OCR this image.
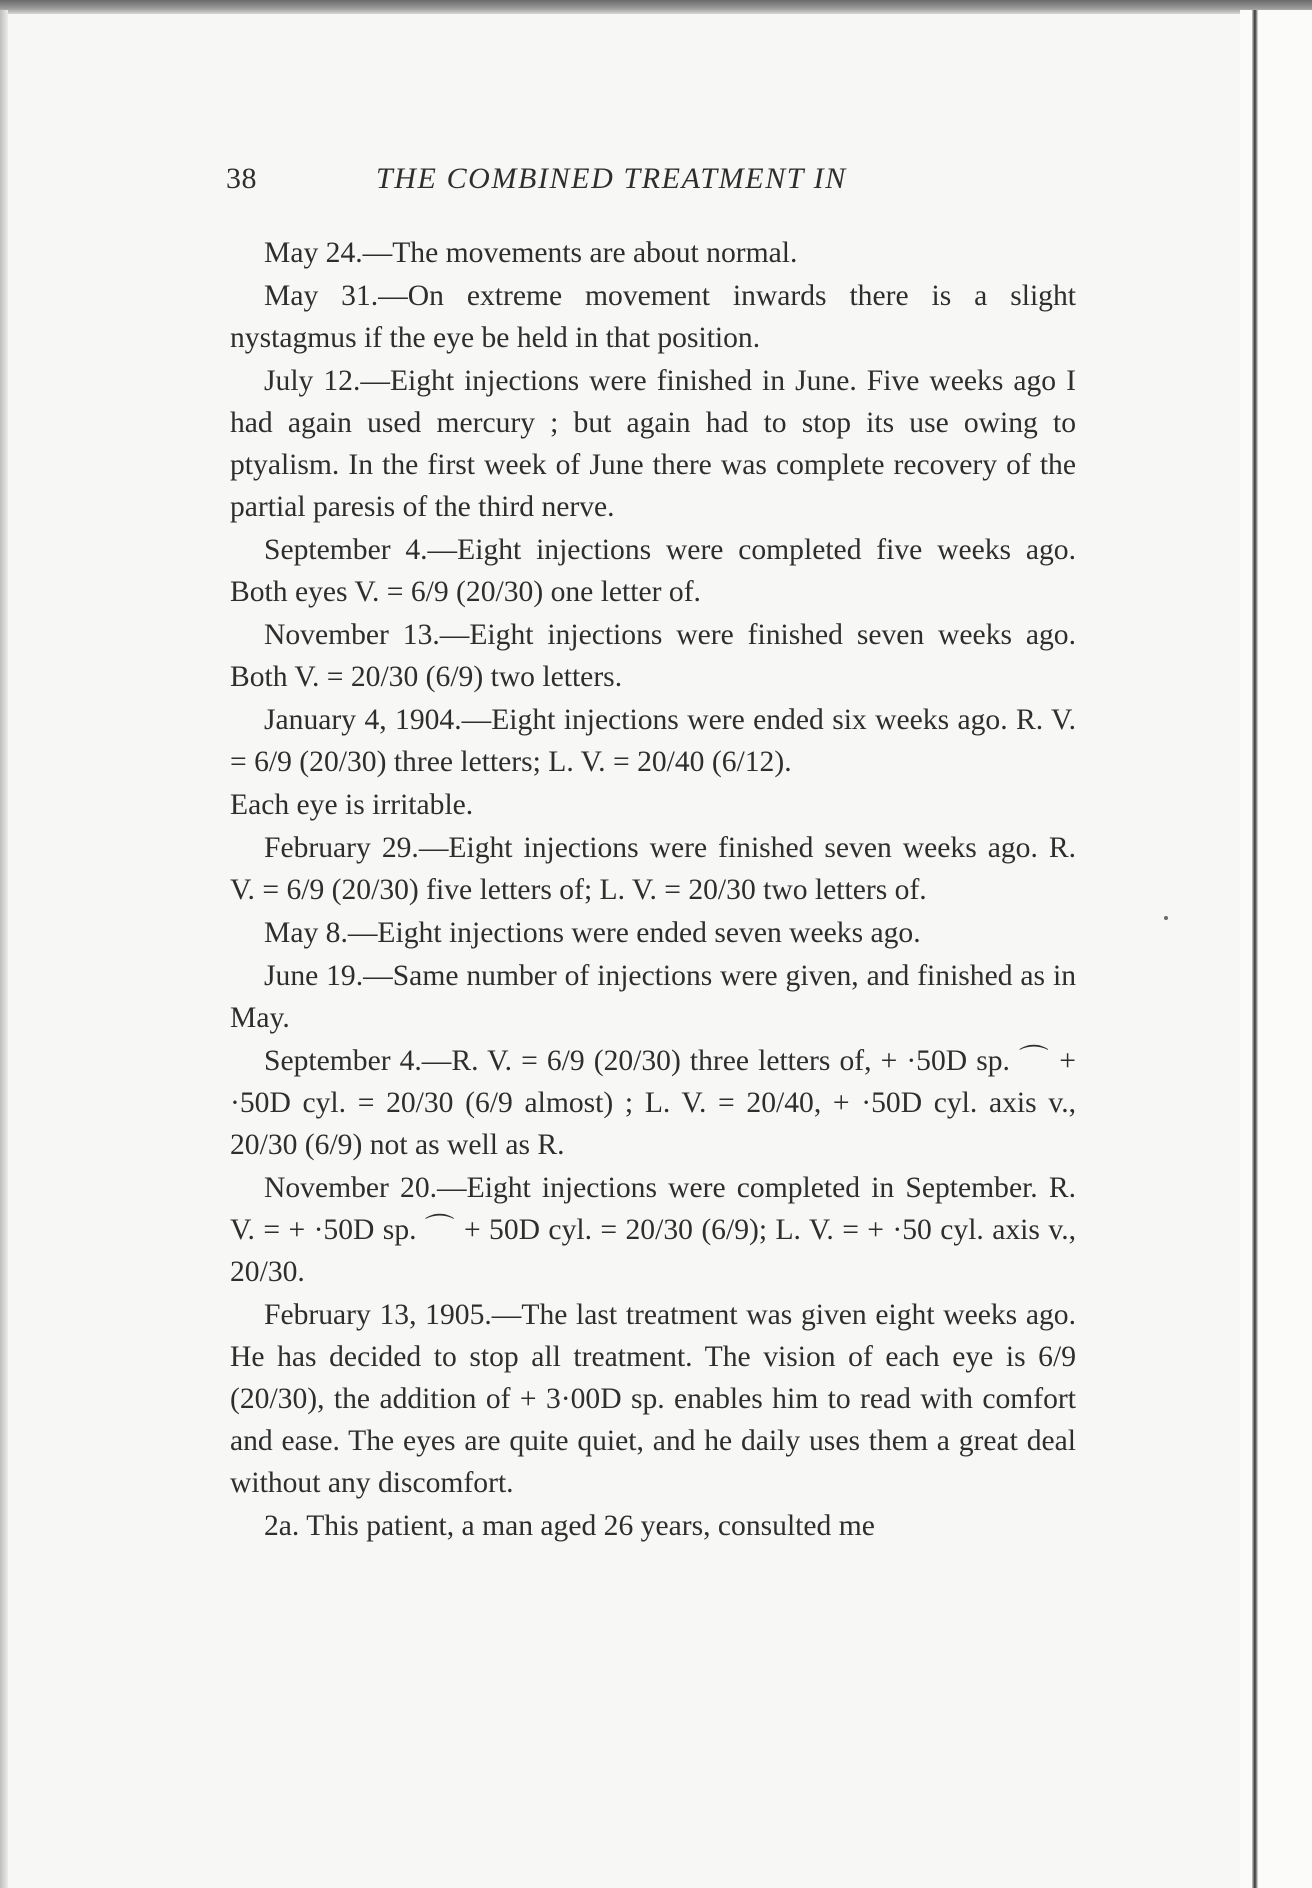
38	THE COMBINED TREATMENT IN

May 24.—The movements are about normal.

May 31.—On extreme movement inwards there is a slight nystagmus if the eye be held in that position.

July 12.—Eight injections were finished in June. Five weeks ago I had again used mercury ; but again had to stop its use owing to ptyalism. In the first week of June there was complete recovery of the partial paresis of the third nerve.

September 4.—Eight injections were completed five weeks ago. Both eyes V. = 6/9 (20/30) one letter of.

November 13.—Eight injections were finished seven weeks ago. Both V. = 20/30 (6/9) two letters.

January 4, 1904.—Eight injections were ended six weeks ago. R. V. = 6/9 (20/30) three letters; L. V. = 20/40 (6/12).

Each eye is irritable.

February 29.—Eight injections were finished seven weeks ago. R. V. = 6/9 (20/30) five letters of; L. V. = 20/30 two letters of.

May 8.—Eight injections were ended seven weeks ago.

June 19.—Same number of injections were given, and finished as in May.

September 4.—R. V. = 6/9 (20/30) three letters of, + ·50D sp. ⌒ + ·50D cyl. = 20/30 (6/9 almost) ; L. V. = 20/40, + ·50D cyl. axis v., 20/30 (6/9) not as well as R.

November 20.—Eight injections were completed in September. R. V. = + ·50D sp. ⌒ + 50D cyl. = 20/30 (6/9); L. V. = + ·50 cyl. axis v., 20/30.

February 13, 1905.—The last treatment was given eight weeks ago. He has decided to stop all treatment. The vision of each eye is 6/9 (20/30), the addition of + 3·00D sp. enables him to read with comfort and ease. The eyes are quite quiet, and he daily uses them a great deal without any discomfort.

2a. This patient, a man aged 26 years, consulted me
